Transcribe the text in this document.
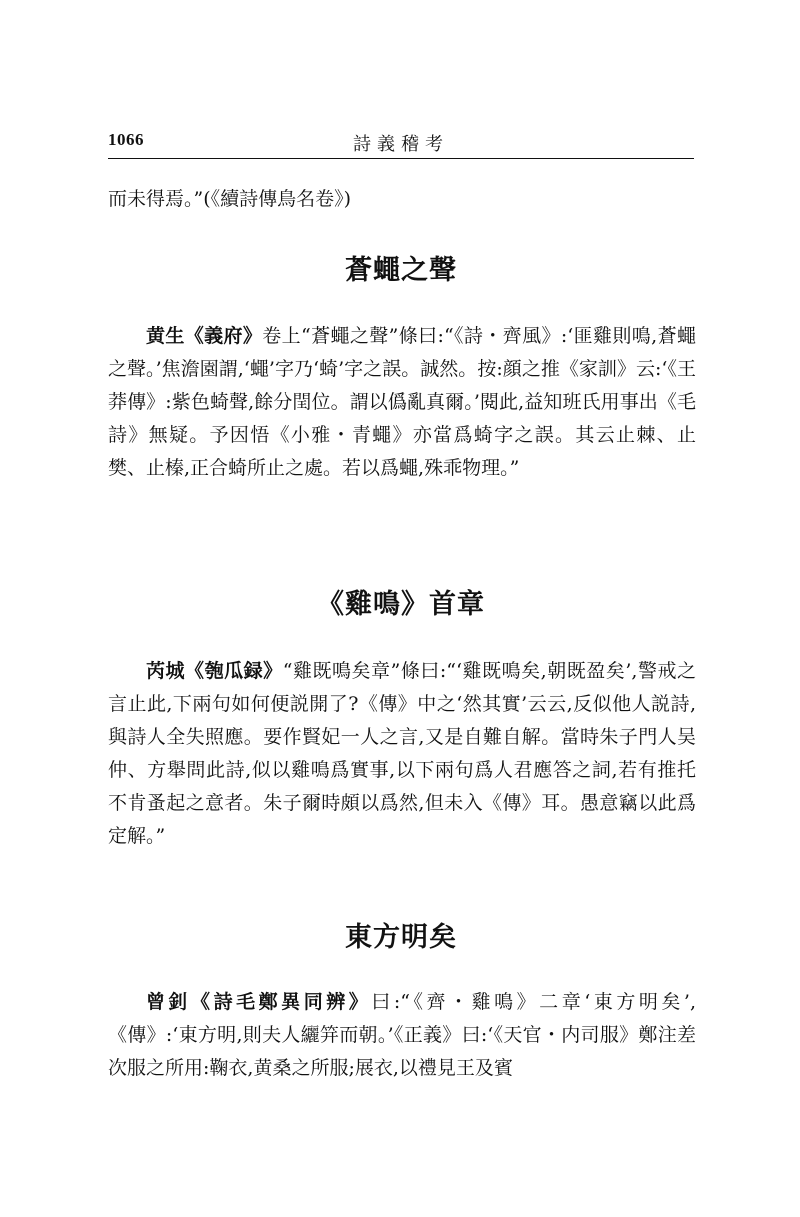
1066	詩義稽考

而未得焉。”(《續詩傳鳥名卷》)

蒼蠅之聲

黄生《義府》卷上“蒼蠅之聲”條曰:“《詩・齊風》:‘匪雞則鳴,蒼蠅之聲。’焦澹園謂,‘蠅’字乃‘䗁’字之誤。誠然。按:顔之推《家訓》云:‘《王莽傳》:紫色䗁聲,餘分閏位。謂以僞亂真爾。’閱此,益知班氏用事出《毛詩》無疑。予因悟《小雅・青蠅》亦當爲䗁字之誤。其云止棘、止樊、止榛,正合䗁所止之處。若以爲蠅,殊乖物理。”

《雞鳴》首章

芮城《匏瓜録》“雞既鳴矣章”條曰:“‘雞既鳴矣,朝既盈矣’,警戒之言止此,下兩句如何便説開了?《傳》中之‘然其實’云云,反似他人説詩,與詩人全失照應。要作賢妃一人之言,又是自難自解。當時朱子門人吴仲、方舉問此詩,似以雞鳴爲實事,以下兩句爲人君應答之詞,若有推托不肯蚤起之意者。朱子爾時頗以爲然,但未入《傳》耳。愚意竊以此爲定解。”

東方明矣

曾釗《詩毛鄭異同辨》曰:“《齊・雞鳴》二章‘東方明矣’,《傳》:‘東方明,則夫人纚笄而朝。’《正義》曰:‘《天官・内司服》鄭注差次服之所用:鞠衣,黄桑之所服;展衣,以禮見王及賓
